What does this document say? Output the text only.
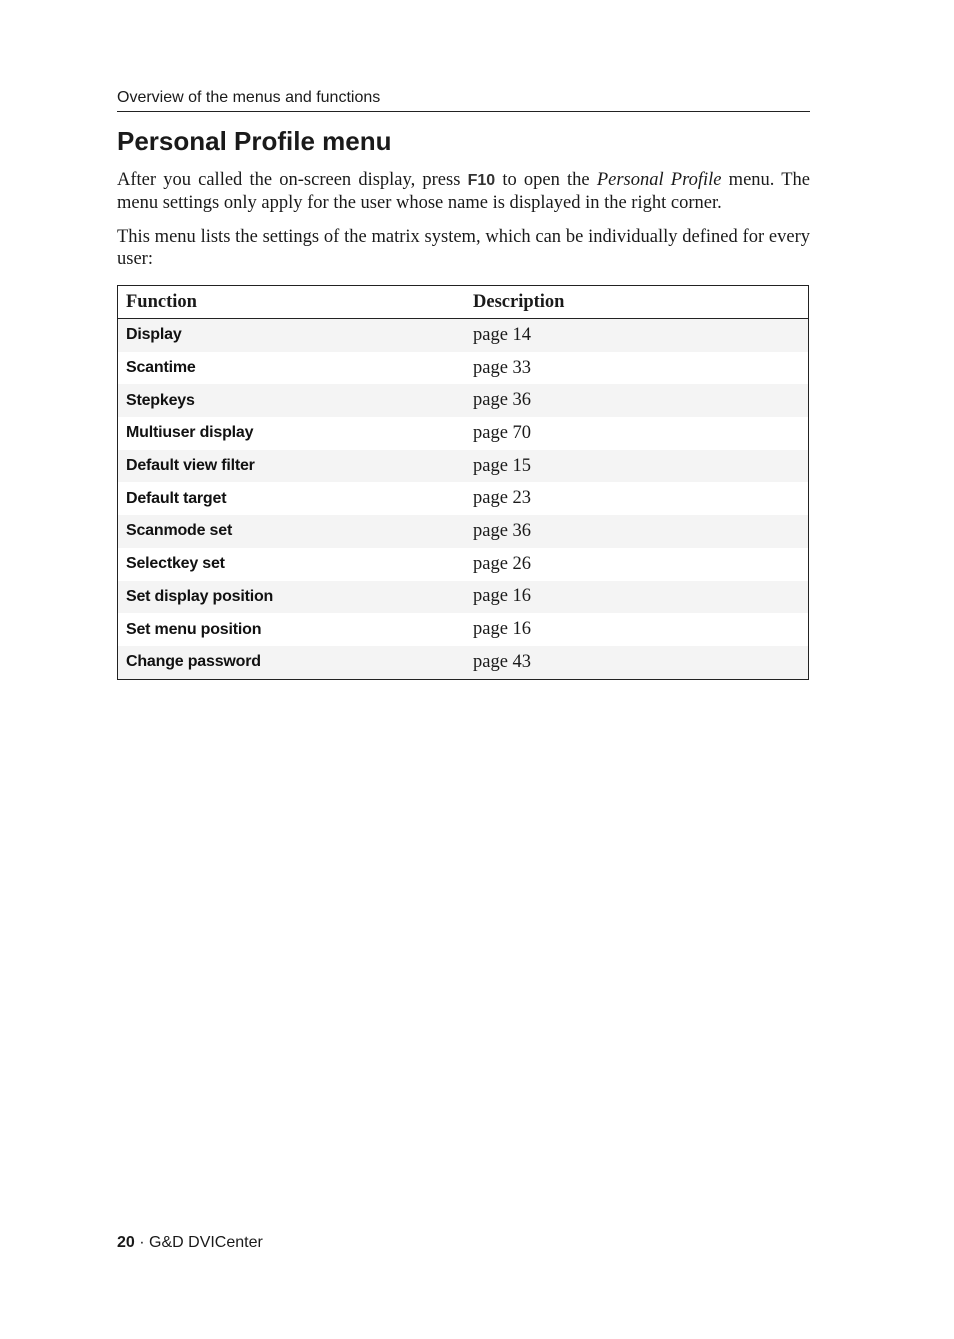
Overview of the menus and functions
Personal Profile menu

After you called the on-screen display, press F10 to open the Personal Profile menu. The menu settings only apply for the user whose name is displayed in the right corner.

This menu lists the settings of the matrix system, which can be individually defined for every user:

Function	Description
Display	page 14
Scantime	page 33
Stepkeys	page 36
Multiuser display	page 70
Default view filter	page 15
Default target	page 23
Scanmode set	page 36
Selectkey set	page 26
Set display position	page 16
Set menu position	page 16
Change password	page 43
20 · G&D DVICenter
